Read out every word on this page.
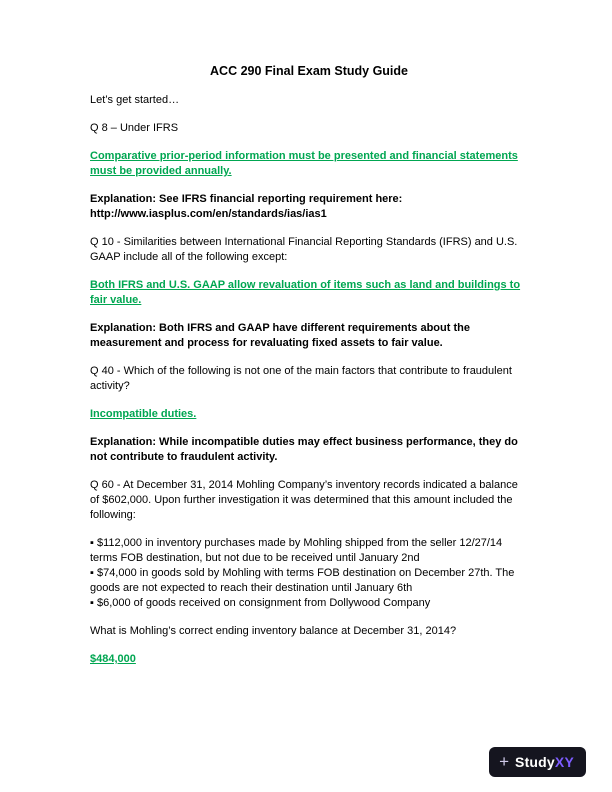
ACC 290 Final Exam Study Guide

Let’s get started…

Q 8 – Under IFRS

Comparative prior-period information must be presented and financial statements must be provided annually.

Explanation: See IFRS financial reporting requirement here:
http://www.iasplus.com/en/standards/ias/ias1

Q 10 - Similarities between International Financial Reporting Standards (IFRS) and U.S. GAAP include all of the following except:

Both IFRS and U.S. GAAP allow revaluation of items such as land and buildings to fair value.

Explanation: Both IFRS and GAAP have different requirements about the measurement and process for revaluating fixed assets to fair value.

Q 40 - Which of the following is not one of the main factors that contribute to fraudulent activity?

Incompatible duties.

Explanation: While incompatible duties may effect business performance, they do not contribute to fraudulent activity.

Q 60 - At December 31, 2014 Mohling Company’s inventory records indicated a balance of $602,000. Upon further investigation it was determined that this amount included the following:

▪ $112,000 in inventory purchases made by Mohling shipped from the seller 12/27/14 terms FOB destination, but not due to be received until January 2nd
▪ $74,000 in goods sold by Mohling with terms FOB destination on December 27th. The goods are not expected to reach their destination until January 6th
▪ $6,000 of goods received on consignment from Dollywood Company

What is Mohling’s correct ending inventory balance at December 31, 2014?

$484,000

+ StudyXY
